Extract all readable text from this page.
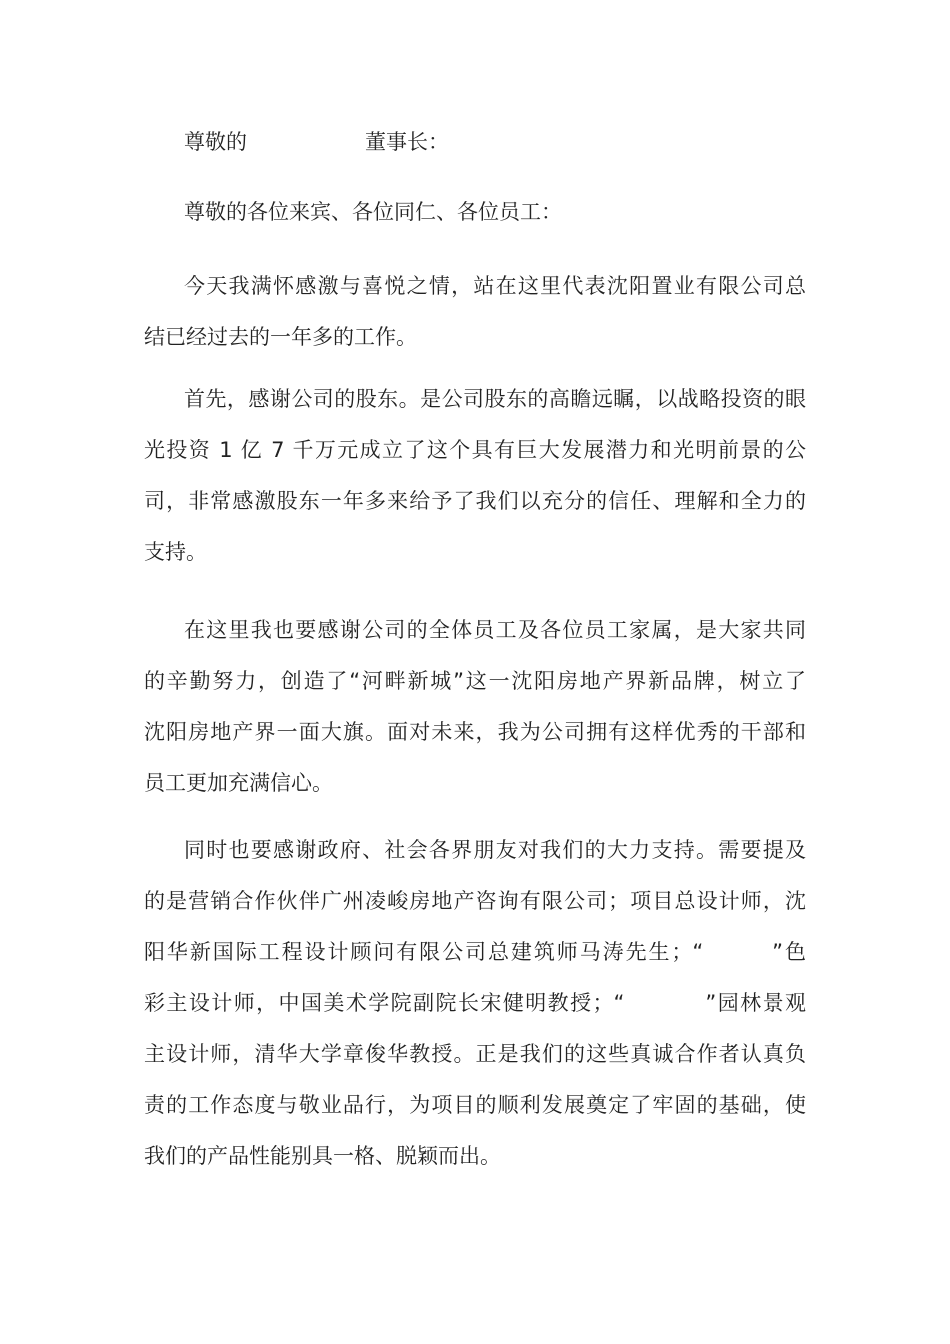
尊敬的	董事长：
尊敬的各位来宾、各位同仁、各位员工：
今天我满怀感激与喜悦之情，站在这里代表沈阳置业有限公司总
结已经过去的一年多的工作。
首先，感谢公司的股东。是公司股东的高瞻远瞩，以战略投资的眼
光投资 1 亿 7 千万元成立了这个具有巨大发展潜力和光明前景的公
司，非常感激股东一年多来给予了我们以充分的信任、理解和全力的
支持。
在这里我也要感谢公司的全体员工及各位员工家属，是大家共同
的辛勤努力，创造了“河畔新城”这一沈阳房地产界新品牌，树立了
沈阳房地产界一面大旗。面对未来，我为公司拥有这样优秀的干部和
员工更加充满信心。
同时也要感谢政府、社会各界朋友对我们的大力支持。需要提及
的是营销合作伙伴广州凌峻房地产咨询有限公司；项目总设计师，沈
阳华新国际工程设计顾问有限公司总建筑师马涛先生；“        ”色
彩主设计师，中国美术学院副院长宋健明教授；“          ”园林景观
主设计师，清华大学章俊华教授。正是我们的这些真诚合作者认真负
责的工作态度与敬业品行，为项目的顺利发展奠定了牢固的基础，使
我们的产品性能别具一格、脱颖而出。
